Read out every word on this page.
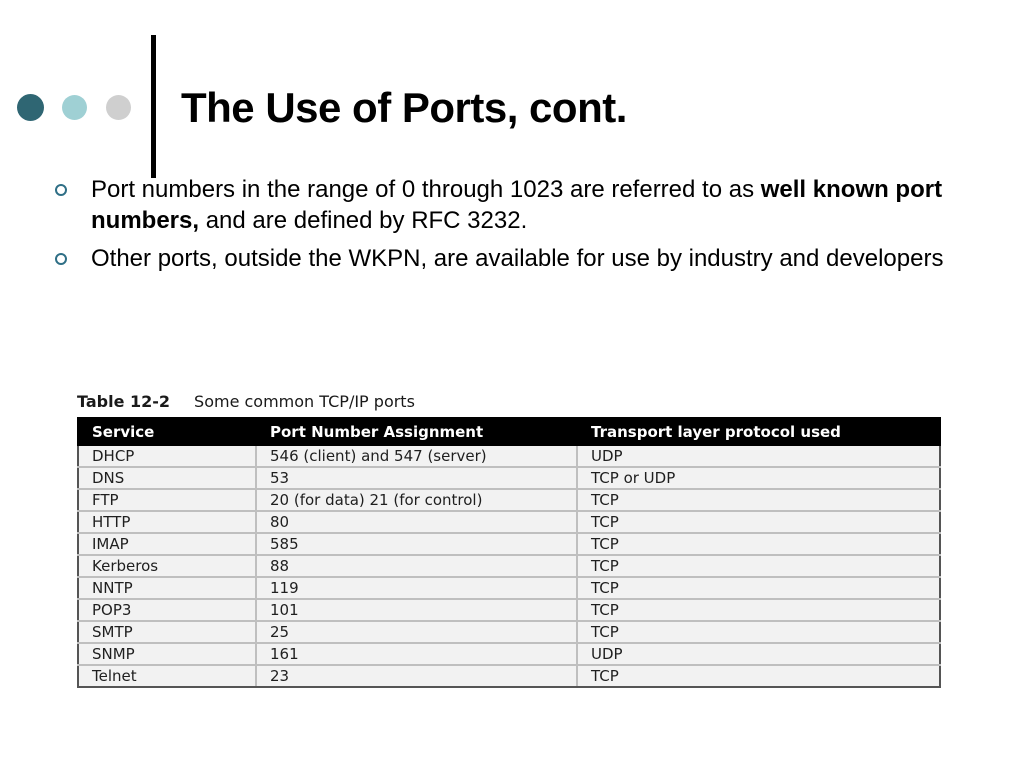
The Use of Ports, cont.
Port numbers in the range of 0 through 1023 are referred to as well known port numbers, and are defined by RFC 3232.
Other ports, outside the WKPN, are available for use by industry and developers
Table 12-2 Some common TCP/IP ports
Service	Port Number Assignment	Transport layer protocol used
DHCP	546 (client) and 547 (server)	UDP
DNS	53	TCP or UDP
FTP	20 (for data) 21 (for control)	TCP
HTTP	80	TCP
IMAP	585	TCP
Kerberos	88	TCP
NNTP	119	TCP
POP3	101	TCP
SMTP	25	TCP
SNMP	161	UDP
Telnet	23	TCP
